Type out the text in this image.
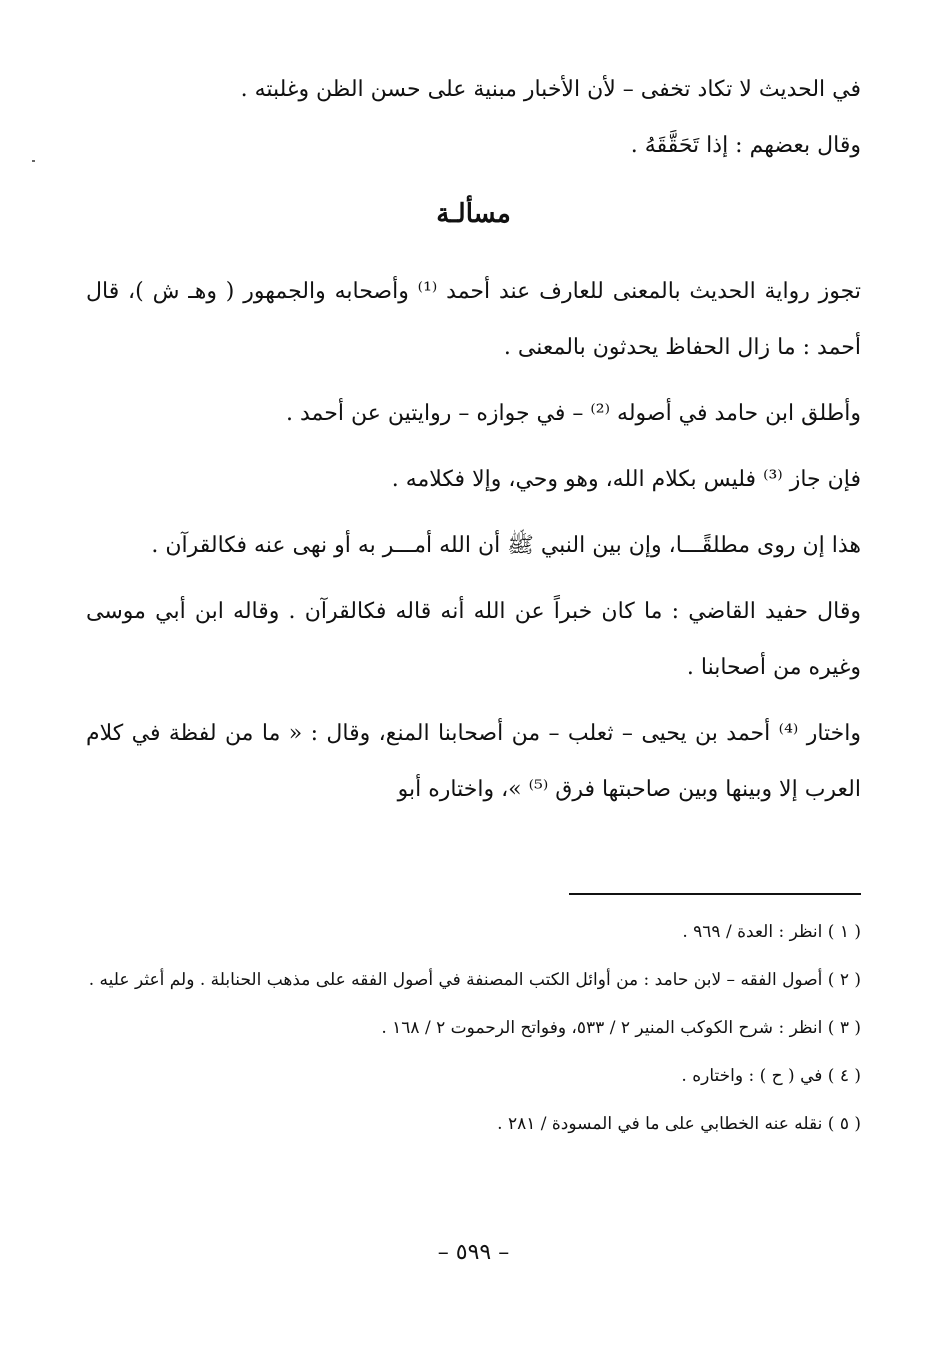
في الحديث لا تكاد تخفى – لأن الأخبار مبنية على حسن الظن وغلبته .

وقال بعضهم : إذا تَحَقَّقَهُ .

مسألـة

تجوز رواية الحديث بالمعنى للعارف عند أحمد ⁽¹⁾ وأصحابه والجمهور ( وهـ ش )، قال أحمد : ما زال الحفاظ يحدثون بالمعنى .

وأطلق ابن حامد في أصوله ⁽²⁾ – في جوازه – روايتين عن أحمد .

فإن جاز ⁽³⁾ فليس بكلام الله، وهو وحي، وإلا فكلامه .

هذا إن روى مطلقًـــا، وإن بين النبي ﷺ أن الله أمـــر به أو نهى عنه فكالقرآن .

وقال حفيد القاضي : ما كان خبراً عن الله أنه قاله فكالقرآن . وقاله ابن أبي موسى وغيره من أصحابنا .

واختار ⁽⁴⁾ أحمد بن يحيى – ثعلب – من أصحابنا المنع، وقال : « ما من لفظة في كلام العرب إلا وبينها وبين صاحبتها فرق ⁽⁵⁾ »، واختاره أبو

( ١ ) انظر : العدة / ٩٦٩ .

( ٢ ) أصول الفقه – لابن حامد : من أوائل الكتب المصنفة في أصول الفقه على مذهب الحنابلة . ولم أعثر عليه .

( ٣ ) انظر : شرح الكوكب المنير ٢ / ٥٣٣، وفواتح الرحموت ٢ / ١٦٨ .

( ٤ ) في ( ح ) : واختاره .

( ٥ ) نقله عنه الخطابي على ما في المسودة / ٢٨١ .

– ٥٩٩ –
